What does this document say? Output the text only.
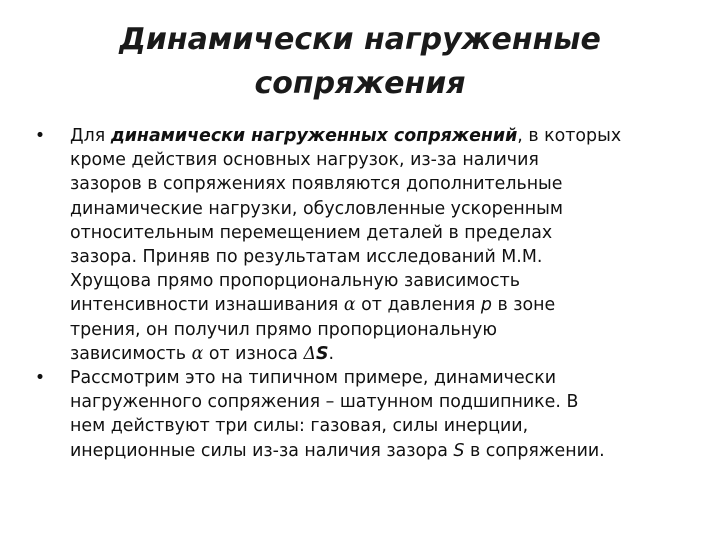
Динамически нагруженные
сопряжения
• Для динамически нагруженных сопряжений, в которых
кроме действия основных нагрузок, из-за наличия
зазоров в сопряжениях появляются дополнительные
динамические нагрузки, обусловленные ускоренным
относительным перемещением деталей в пределах
зазора. Приняв по результатам исследований М.М.
Хрущова прямо пропорциональную зависимость
интенсивности изнашивания α от давления р в зоне
трения, он получил прямо пропорциональную
зависимость α от износа ΔS.
• Рассмотрим это на типичном примере, динамически
нагруженного сопряжения – шатунном подшипнике. В
нем действуют три силы: газовая, силы инерции,
инерционные силы из-за наличия зазора S в сопряжении.
